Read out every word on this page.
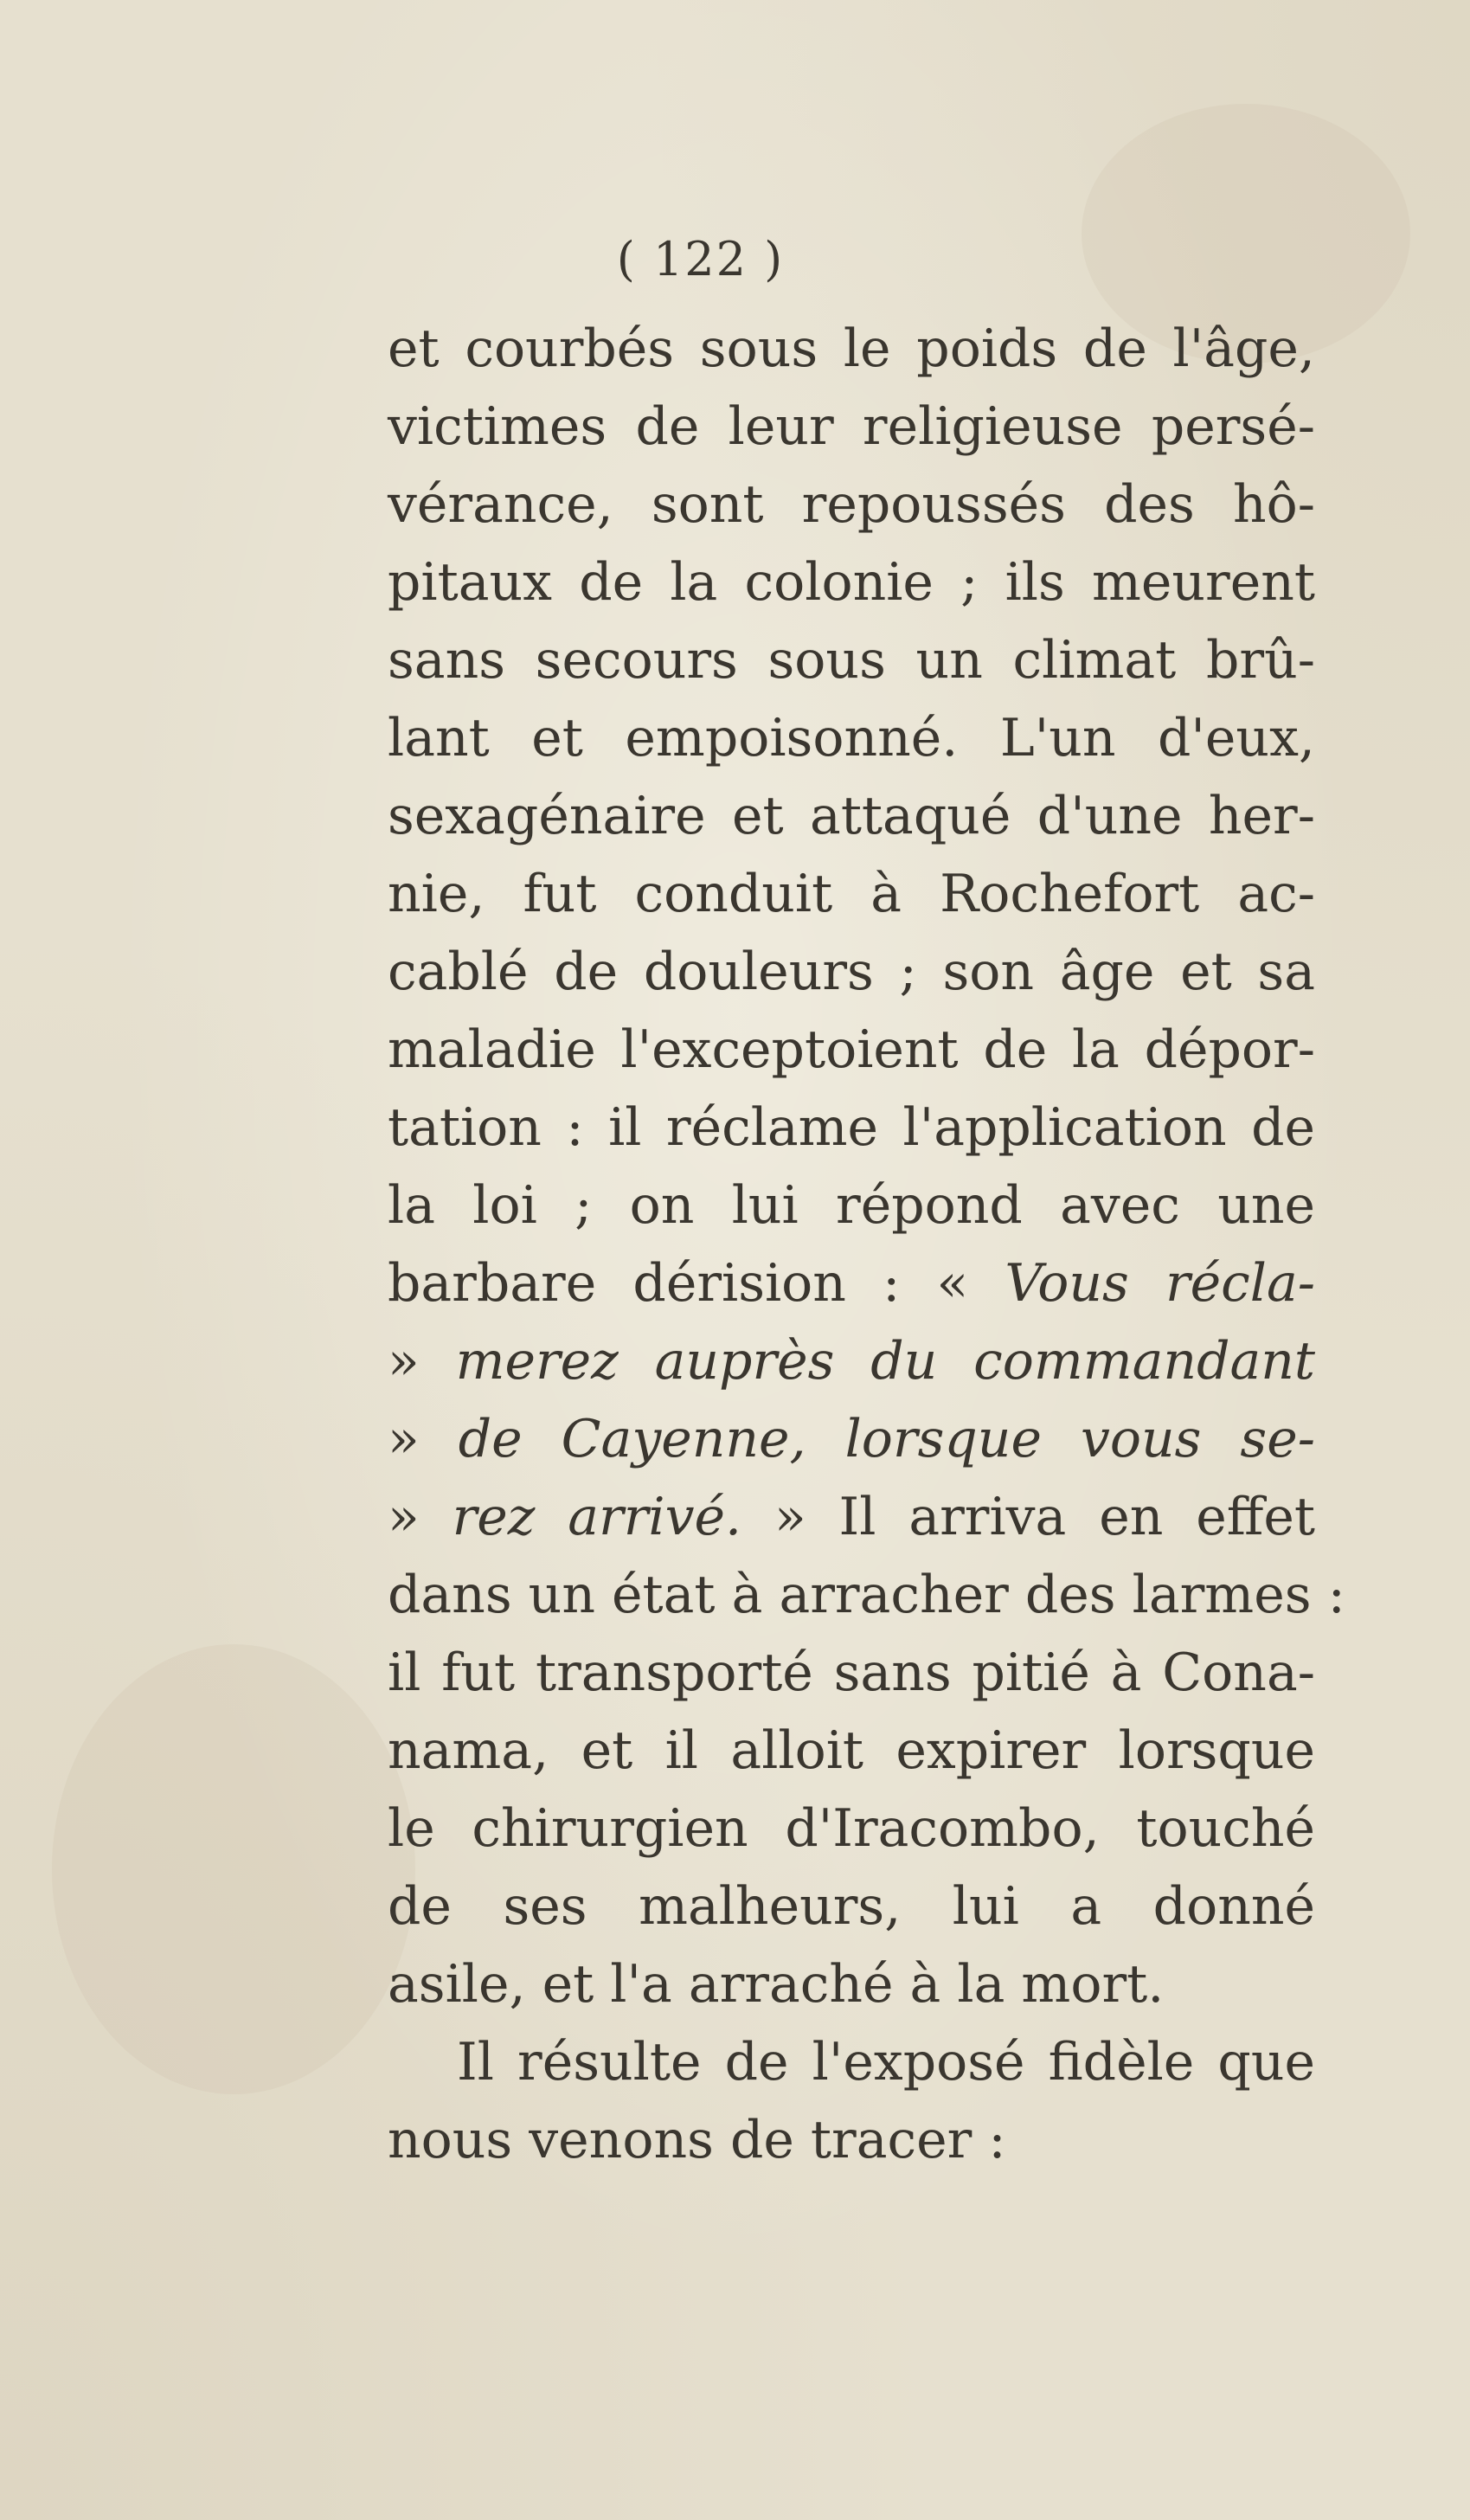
( 122 )
et courbés sous le poids de l'âge,
victimes de leur religieuse persé-
vérance, sont repoussés des hô-
pitaux de la colonie ; ils meurent
sans secours sous un climat brû-
lant et empoisonné. L'un d'eux,
sexagénaire et attaqué d'une her-
nie, fut conduit à Rochefort ac-
cablé de douleurs ; son âge et sa
maladie l'exceptoient de la dépor-
tation : il réclame l'application de
la loi ; on lui répond avec une
barbare dérision : « Vous récla-
» merez auprès du commandant
» de Cayenne, lorsque vous se-
» rez arrivé. » Il arriva en effet
dans un état à arracher des larmes :
il fut transporté sans pitié à Cona-
nama, et il alloit expirer lorsque
le chirurgien d'Iracombo, touché
de ses malheurs, lui a donné
asile, et l'a arraché à la mort.
Il résulte de l'exposé fidèle que
nous venons de tracer :
